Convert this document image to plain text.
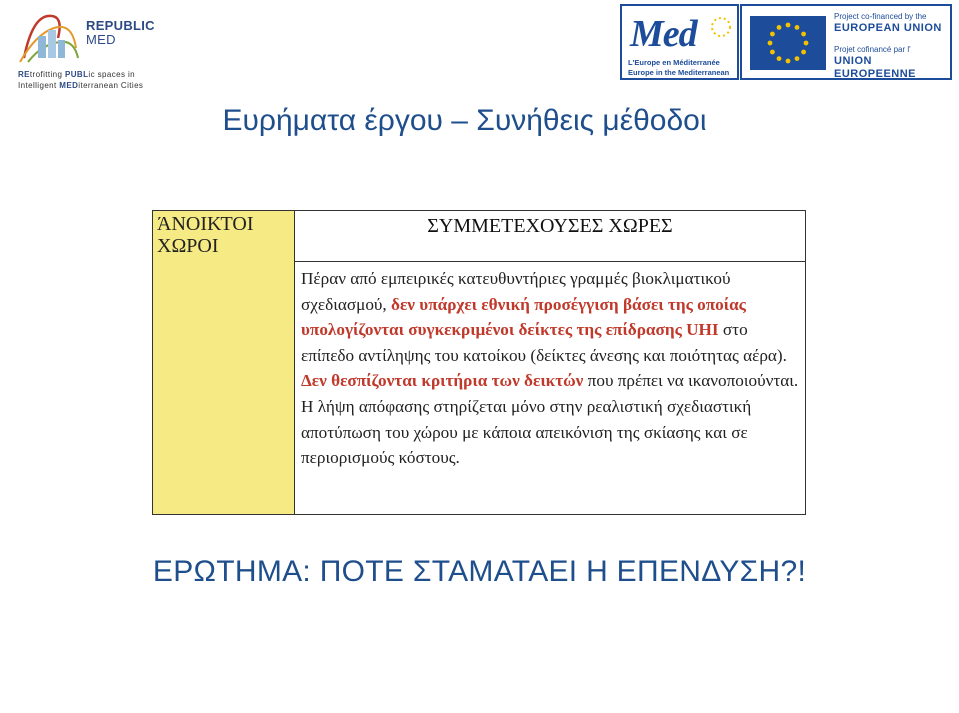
REPUBLIC
MED
REtrofitting PUBLic spaces in
Intelligent MEDiterranean Cities
Med
L'Europe en Méditerranée
Europe in the Mediterranean
Project co-financed by the
EUROPEAN UNION
Projet cofinancé par l'
UNION EUROPEENNE
Ευρήματα έργου – Συνήθεις μέθοδοι
ΆΝΟΙΚΤΟΙ ΧΩΡΟΙ	ΣΥΜΜΕΤΕΧΟΥΣΕΣ ΧΩΡΕΣ
Πέραν από εμπειρικές κατευθυντήριες γραμμές βιοκλιματικού σχεδιασμού, δεν υπάρχει εθνική προσέγγιση βάσει της οποίας υπολογίζονται συγκεκριμένοι δείκτες της επίδρασης UHI στο επίπεδο αντίληψης του κατοίκου (δείκτες άνεσης και ποιότητας αέρα). Δεν θεσπίζονται κριτήρια των δεικτών που πρέπει να ικανοποιούνται. Η λήψη απόφασης στηρίζεται μόνο στην ρεαλιστική σχεδιαστική αποτύπωση του χώρου με κάποια απεικόνιση της σκίασης και σε περιορισμούς κόστους.
ΕΡΩΤΗΜΑ: ΠΟΤΕ ΣΤΑΜΑΤΑΕΙ Η ΕΠΕΝΔΥΣΗ?!
